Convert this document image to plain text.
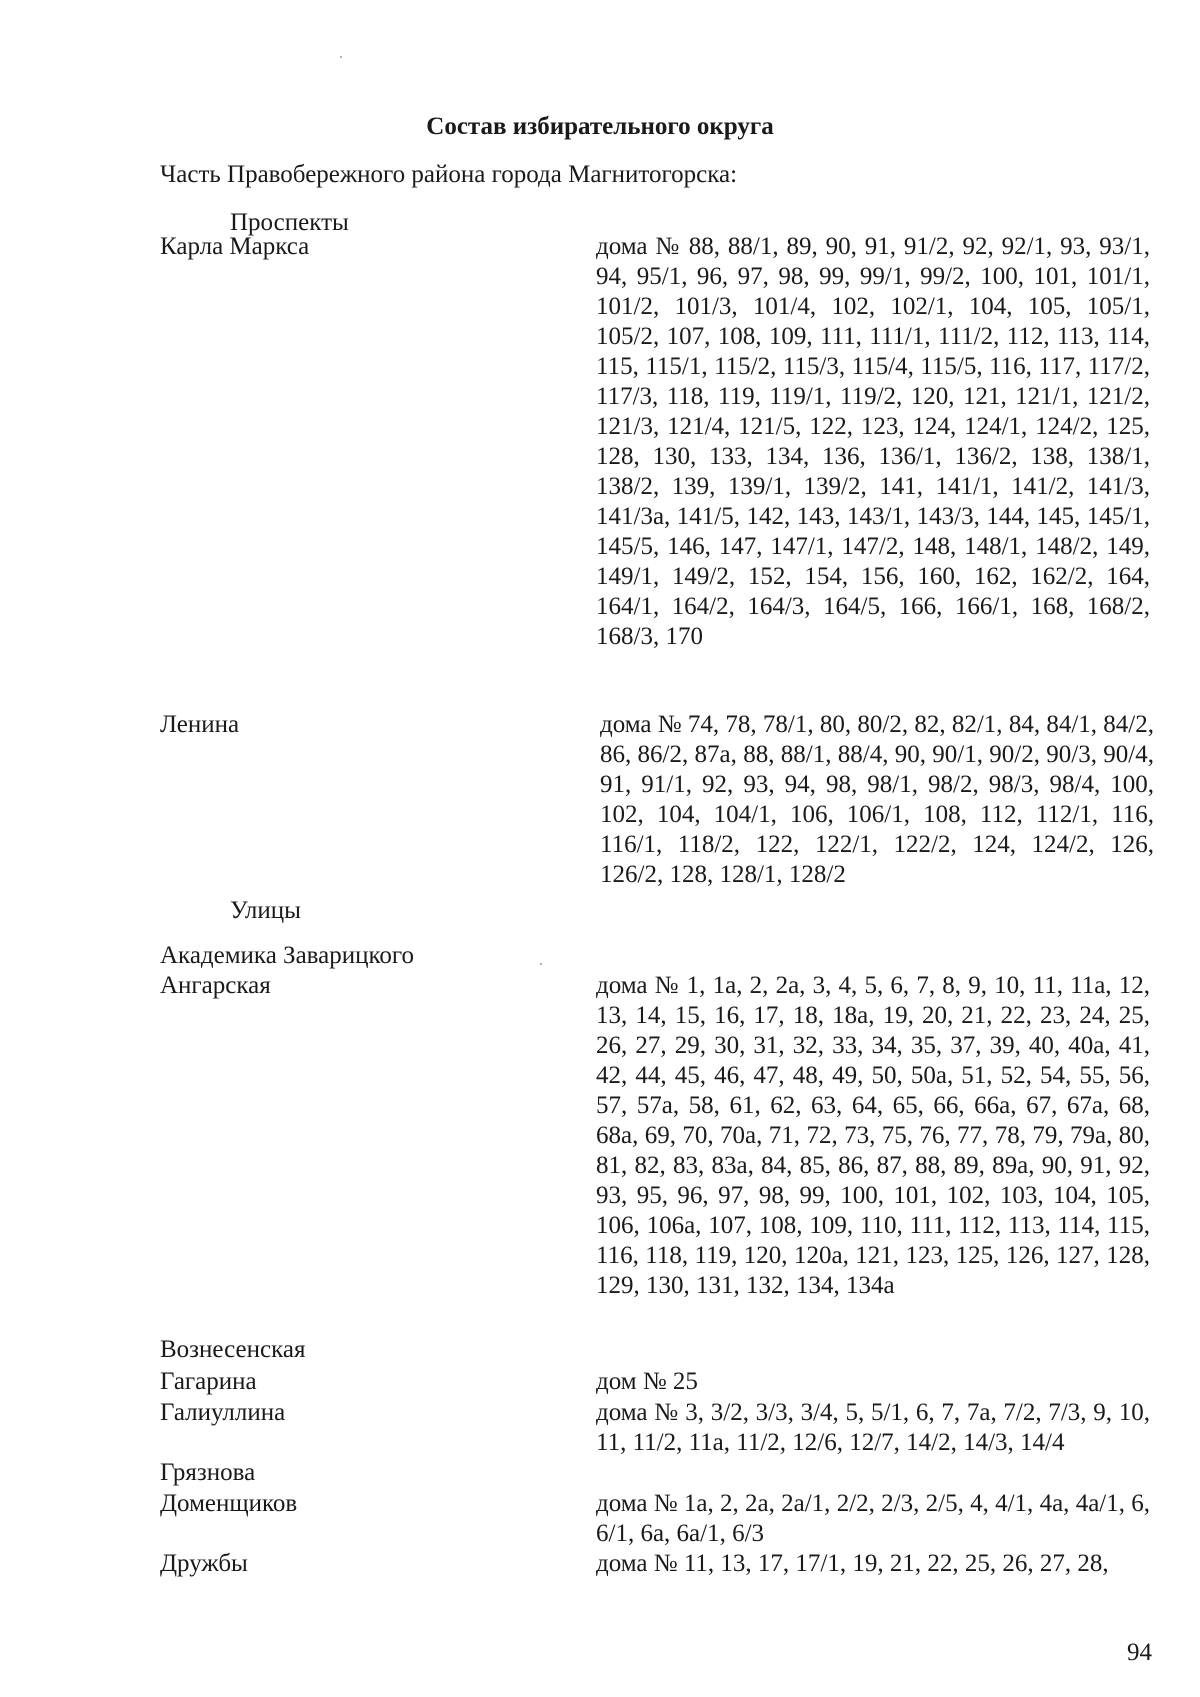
Состав избирательного округа
Часть Правобережного района города Магнитогорска:
Проспекты
Карла Маркса	дома № 88, 88/1, 89, 90, 91, 91/2, 92, 92/1, 93, 93/1, 94, 95/1, 96, 97, 98, 99, 99/1, 99/2, 100, 101, 101/1, 101/2, 101/3, 101/4, 102, 102/1, 104, 105, 105/1, 105/2, 107, 108, 109, 111, 111/1, 111/2, 112, 113, 114, 115, 115/1, 115/2, 115/3, 115/4, 115/5, 116, 117, 117/2, 117/3, 118, 119, 119/1, 119/2, 120, 121, 121/1, 121/2, 121/3, 121/4, 121/5, 122, 123, 124, 124/1, 124/2, 125, 128, 130, 133, 134, 136, 136/1, 136/2, 138, 138/1, 138/2, 139, 139/1, 139/2, 141, 141/1, 141/2, 141/3, 141/3а, 141/5, 142, 143, 143/1, 143/3, 144, 145, 145/1, 145/5, 146, 147, 147/1, 147/2, 148, 148/1, 148/2, 149, 149/1, 149/2, 152, 154, 156, 160, 162, 162/2, 164, 164/1, 164/2, 164/3, 164/5, 166, 166/1, 168, 168/2, 168/3, 170
Ленина	дома № 74, 78, 78/1, 80, 80/2, 82, 82/1, 84, 84/1, 84/2, 86, 86/2, 87а, 88, 88/1, 88/4, 90, 90/1, 90/2, 90/3, 90/4, 91, 91/1, 92, 93, 94, 98, 98/1, 98/2, 98/3, 98/4, 100, 102, 104, 104/1, 106, 106/1, 108, 112, 112/1, 116, 116/1, 118/2, 122, 122/1, 122/2, 124, 124/2, 126, 126/2, 128, 128/1, 128/2
Улицы
Академика Заварицкого
Ангарская	дома № 1, 1а, 2, 2а, 3, 4, 5, 6, 7, 8, 9, 10, 11, 11а, 12, 13, 14, 15, 16, 17, 18, 18а, 19, 20, 21, 22, 23, 24, 25, 26, 27, 29, 30, 31, 32, 33, 34, 35, 37, 39, 40, 40а, 41, 42, 44, 45, 46, 47, 48, 49, 50, 50а, 51, 52, 54, 55, 56, 57, 57а, 58, 61, 62, 63, 64, 65, 66, 66а, 67, 67а, 68, 68а, 69, 70, 70а, 71, 72, 73, 75, 76, 77, 78, 79, 79а, 80, 81, 82, 83, 83а, 84, 85, 86, 87, 88, 89, 89а, 90, 91, 92, 93, 95, 96, 97, 98, 99, 100, 101, 102, 103, 104, 105, 106, 106а, 107, 108, 109, 110, 111, 112, 113, 114, 115, 116, 118, 119, 120, 120а, 121, 123, 125, 126, 127, 128, 129, 130, 131, 132, 134, 134а
Вознесенская
Гагарина	дом № 25
Галиуллина	дома № 3, 3/2, 3/3, 3/4, 5, 5/1, 6, 7, 7а, 7/2, 7/3, 9, 10, 11, 11/2, 11а, 11/2, 12/6, 12/7, 14/2, 14/3, 14/4
Грязнова
Доменщиков	дома № 1а, 2, 2а, 2а/1, 2/2, 2/3, 2/5, 4, 4/1, 4а, 4а/1, 6, 6/1, 6а, 6а/1, 6/3
Дружбы	дома № 11, 13, 17, 17/1, 19, 21, 22, 25, 26, 27, 28,
94
